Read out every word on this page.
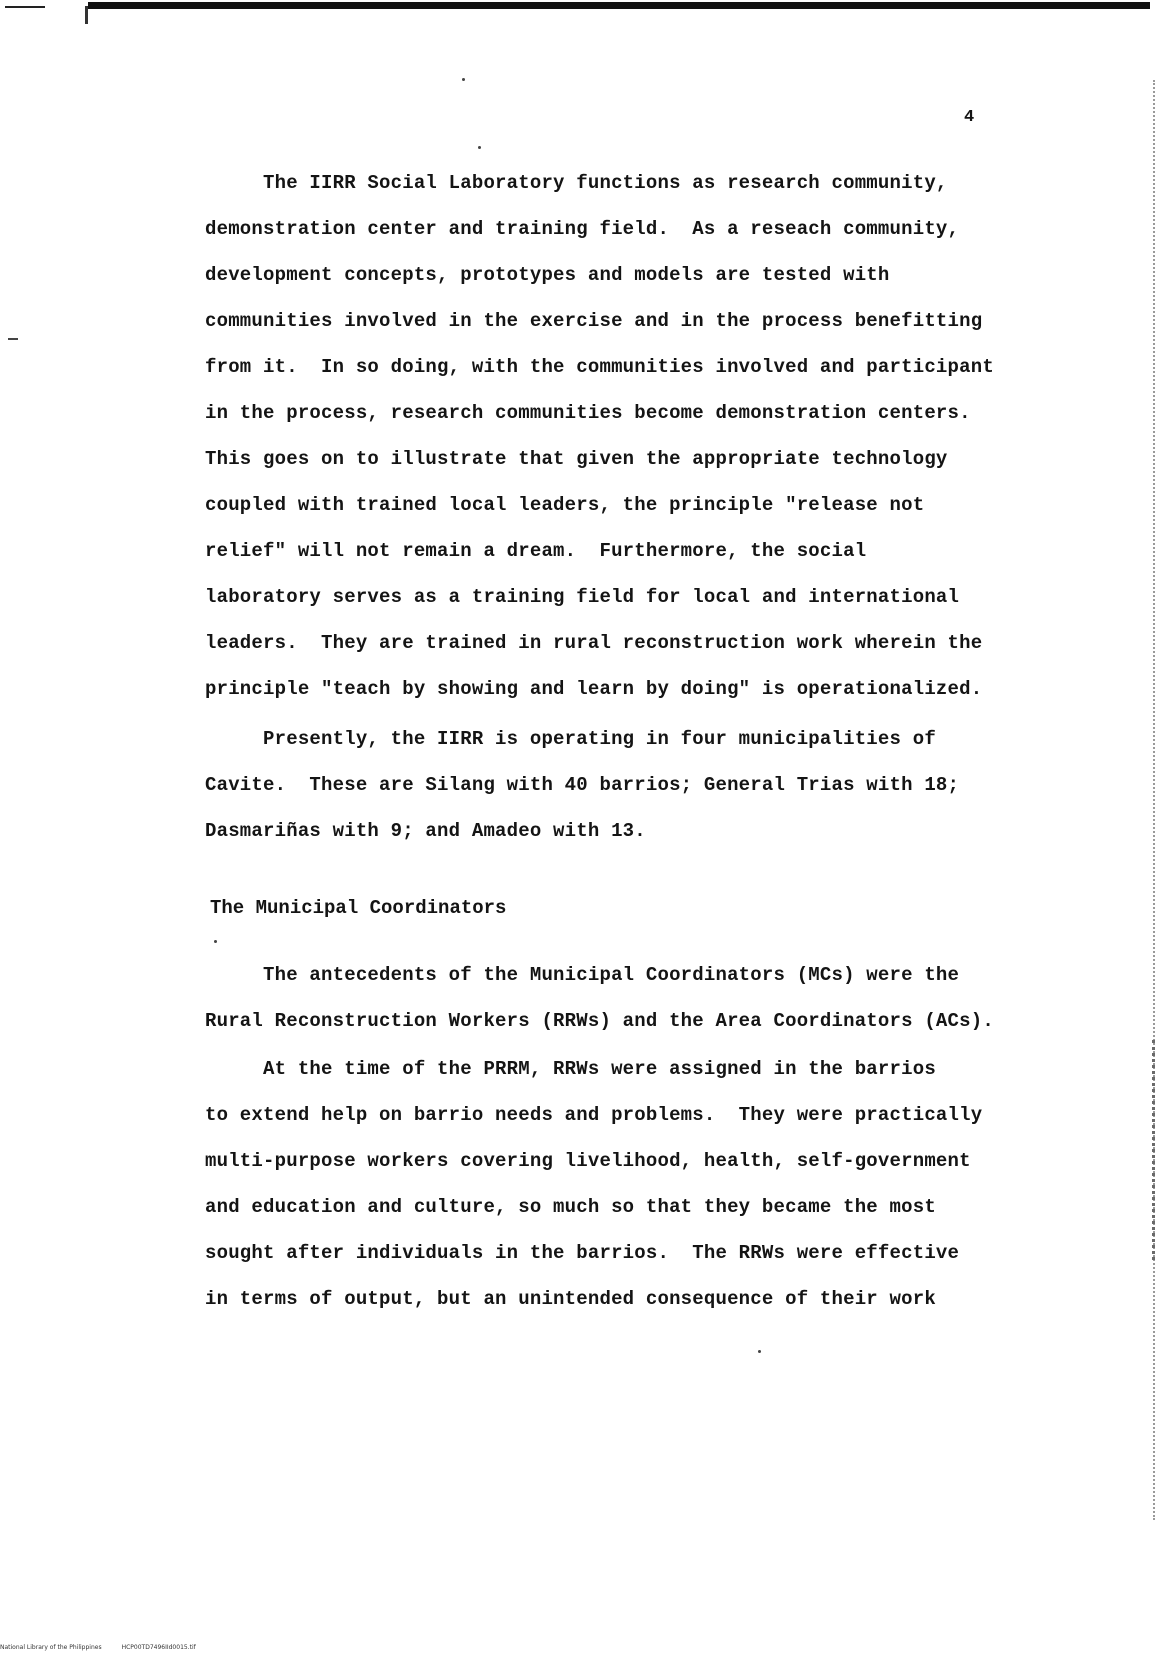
4
The IIRR Social Laboratory functions as research community,
demonstration center and training field.  As a reseach community,
development concepts, prototypes and models are tested with
communities involved in the exercise and in the process benefitting
from it.  In so doing, with the communities involved and participant
in the process, research communities become demonstration centers.
This goes on to illustrate that given the appropriate technology
coupled with trained local leaders, the principle "release not
relief" will not remain a dream.  Furthermore, the social
laboratory serves as a training field for local and international
leaders.  They are trained in rural reconstruction work wherein the
principle "teach by showing and learn by doing" is operationalized.
Presently, the IIRR is operating in four municipalities of
Cavite.  These are Silang with 40 barrios; General Trias with 18;
Dasmariñas with 9; and Amadeo with 13.
The Municipal Coordinators
The antecedents of the Municipal Coordinators (MCs) were the
Rural Reconstruction Workers (RRWs) and the Area Coordinators (ACs).
At the time of the PRRM, RRWs were assigned in the barrios
to extend help on barrio needs and problems.  They were practically
multi-purpose workers covering livelihood, health, self-government
and education and culture, so much so that they became the most
sought after individuals in the barrios.  The RRWs were effective
in terms of output, but an unintended consequence of their work
National Library of the Philippines	HCP00TD7496IId0015.tif
